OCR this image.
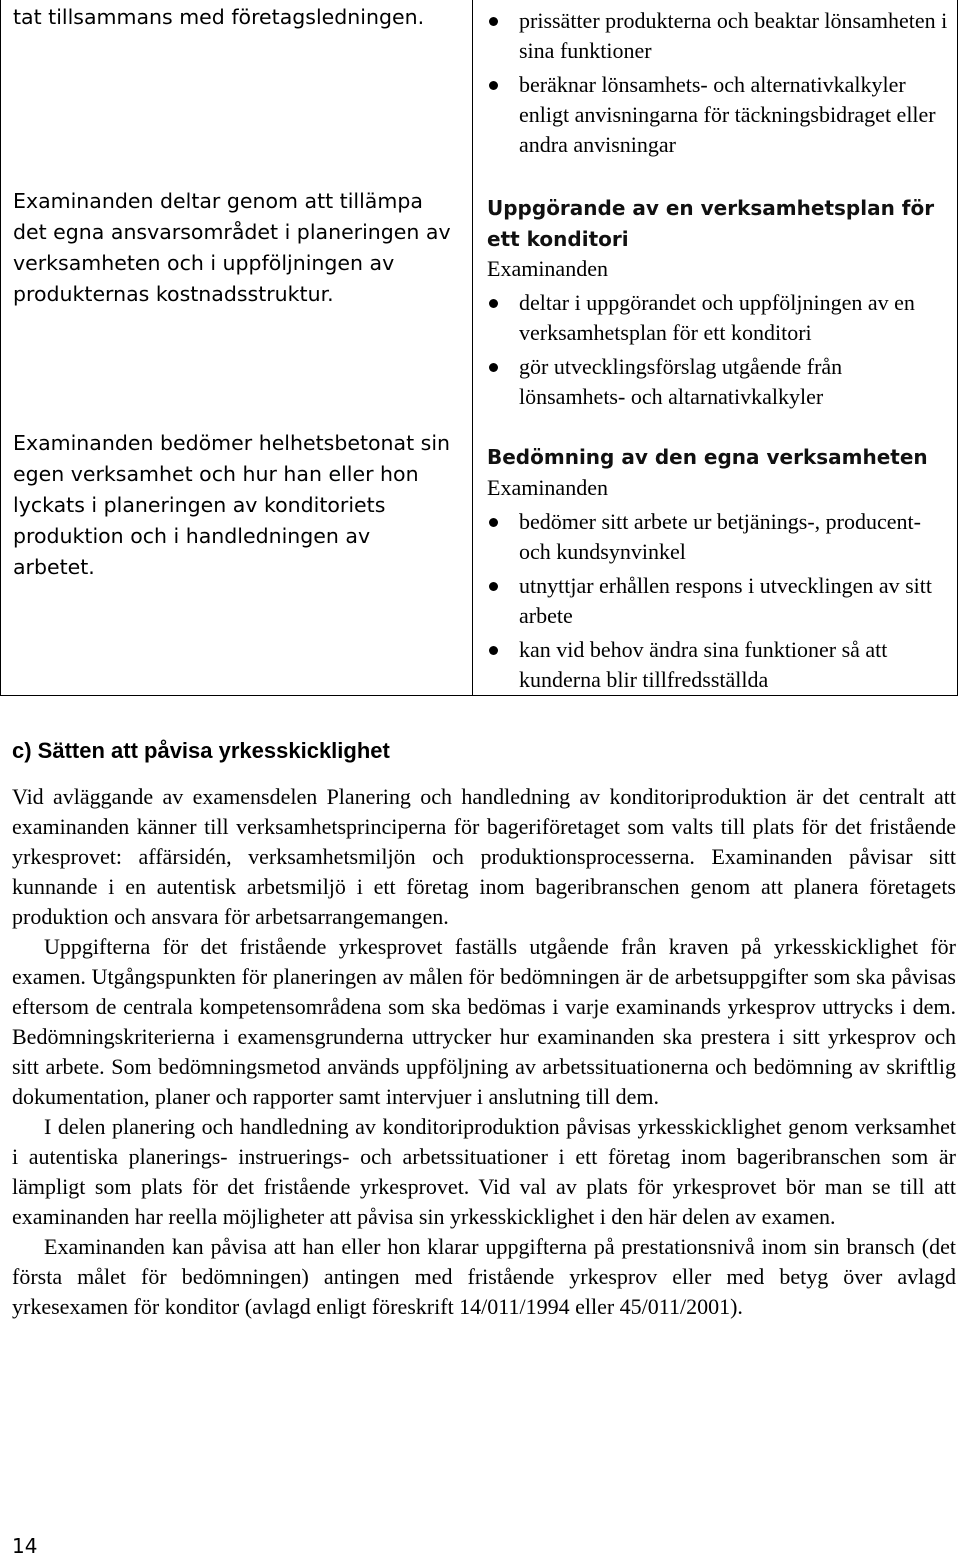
tat tillsammans med företagsledningen.

Examinanden deltar genom att tillämpa det egna ansvarsområdet i planeringen av verksamheten och i uppföljningen av produkternas kostnadsstruktur.

Examinanden bedömer helhetsbetonat sin egen verksamhet och hur han eller hon lyckats i planeringen av konditoriets produktion och i handledningen av arbetet.

prissätter produkterna och beaktar lönsamheten i sina funktioner
beräknar lönsamhets- och alternativkalkyler enligt anvisningarna för täckningsbidraget eller andra anvisningar

Uppgörande av en verksamhetsplan för ett konditori

Examinanden

deltar i uppgörandet och uppföljningen av en verksamhetsplan för ett konditori
gör utvecklingsförslag utgående från lönsamhets- och altarnativkalkyler

Bedömning av den egna verksamheten

Examinanden

bedömer sitt arbete ur betjänings-, producent- och kundsynvinkel
utnyttjar erhållen respons i utvecklingen av sitt arbete
kan vid behov ändra sina funktioner så att kunderna blir tillfredsställda

c) Sätten att påvisa yrkesskicklighet

Vid avläggande av examensdelen Planering och handledning av konditoriproduktion är det centralt att examinanden känner till verksamhetsprinciperna för bageriföretaget som valts till plats för det fristående yrkesprovet: affärsidén, verksamhetsmiljön och produktionsprocesserna. Examinanden påvisar sitt kunnande i en autentisk arbetsmiljö i ett företag inom bageribranschen genom att planera företagets produktion och ansvara för arbetsarrangemangen.

Uppgifterna för det fristående yrkesprovet faställs utgående från kraven på yrkesskicklighet för examen. Utgångspunkten för planeringen av målen för bedömningen är de arbetsuppgifter som ska påvisas eftersom de centrala kompetensområdena som ska bedömas i varje examinands yrkesprov uttrycks i dem. Bedömningskriterierna i examensgrunderna uttrycker hur examinanden ska prestera i sitt yrkesprov och sitt arbete. Som bedömningsmetod används uppföljning av arbetssituationerna och bedömning av skriftlig dokumentation, planer och rapporter samt intervjuer i anslutning till dem.

I delen planering och handledning av konditoriproduktion påvisas yrkesskicklighet genom verksamhet i autentiska planerings- instruerings- och arbetssituationer i ett företag inom bageribranschen som är lämpligt som plats för det fristående yrkesprovet. Vid val av plats för yrkesprovet bör man se till att examinanden har reella möjligheter att påvisa sin yrkesskicklighet i den här delen av examen.

Examinanden kan påvisa att han eller hon klarar uppgifterna på prestationsnivå inom sin bransch (det första målet för bedömningen) antingen med fristående yrkesprov eller med betyg över avlagd yrkesexamen för konditor (avlagd enligt föreskrift 14/011/1994 eller 45/011/2001).

14
